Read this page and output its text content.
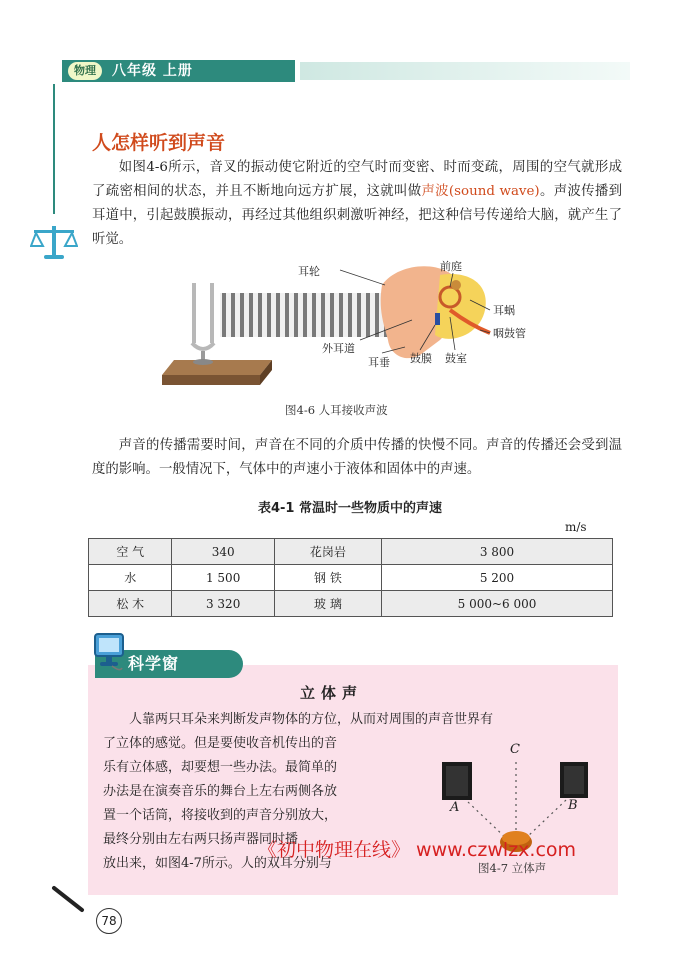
物理	八年级 上册
人怎样听到声音
如图4-6所示，音叉的振动使它附近的空气时而变密、时而变疏，周围的空气就形成了疏密相间的状态，并且不断地向远方扩展，这就叫做声波(sound wave)。声波传播到耳道中，引起鼓膜振动，再经过其他组织刺激听神经，把这种信号传递给大脑，就产生了听觉。
耳轮	前庭
耳蜗
咽鼓管
外耳道
耳垂 鼓膜 鼓室
图4-6 人耳接收声波
声音的传播需要时间，声音在不同的介质中传播的快慢不同。声音的传播还会受到温度的影响。一般情况下，气体中的声速小于液体和固体中的声速。
表4-1 常温时一些物质中的声速
m/s
空 气	340	花岗岩	3 800
水	1 500	钢 铁	5 200
松 木	3 320	玻 璃	5 000~6 000
科学窗
立体声
人靠两只耳朵来判断发声物体的方位，从而对周围的声音世界有
了立体的感觉。但是要使收音机传出的音
乐有立体感，却要想一些办法。最简单的
办法是在演奏音乐的舞台上左右两侧各放
置一个话筒，将接收到的声音分别放大，
最终分别由左右两只扬声器同时播
放出来，如图4-7所示。人的双耳分别与
C
A	B
图4-7 立体声
《初中物理在线》 www.czwlzx.com
78
